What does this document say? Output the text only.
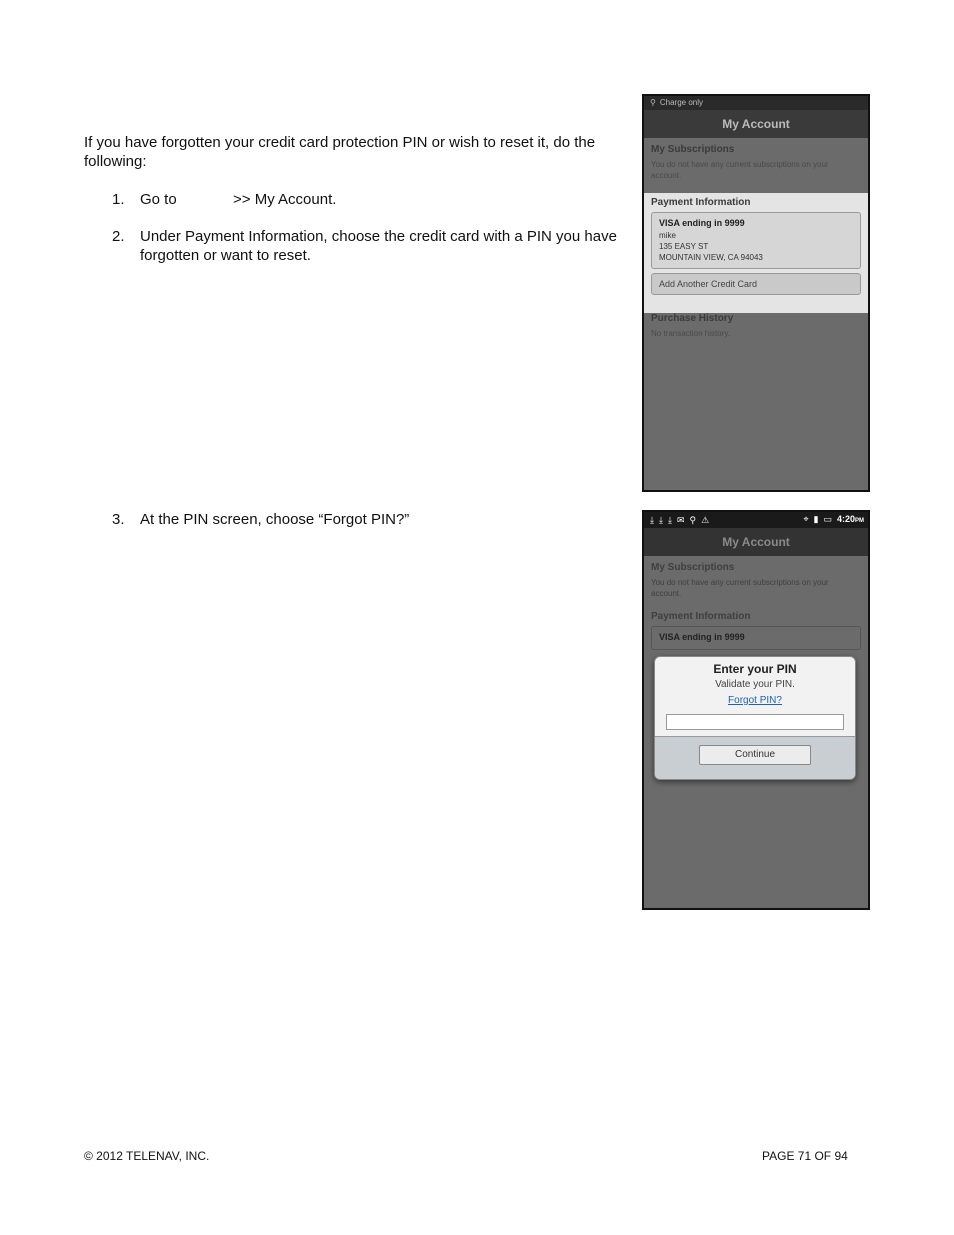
If you have forgotten your credit card protection PIN or wish to reset it, do the following:
1.	Go to	>> My Account.
2.	Under Payment Information, choose the credit card with a PIN you have forgotten or want to reset.
3.	At the PIN screen, choose “Forgot PIN?”
⚲ Charge only
My Account
My Subscriptions
You do not have any current subscriptions on your account.
Payment Information
VISA ending in 9999
mike
135 EASY ST
MOUNTAIN VIEW, CA 94043
Add Another Credit Card
Purchase History
No transaction history.
⤓ ⤓ ⤓ ✉ ⚲ ⚠	⌖ ▮ ▭ 4:20PM
My Account
My Subscriptions
You do not have any current subscriptions on your account.
Payment Information
VISA ending in 9999
Enter your PIN
Validate your PIN.
Forgot PIN?
Continue
© 2012 TELENAV, INC.	PAGE 71 OF 94
